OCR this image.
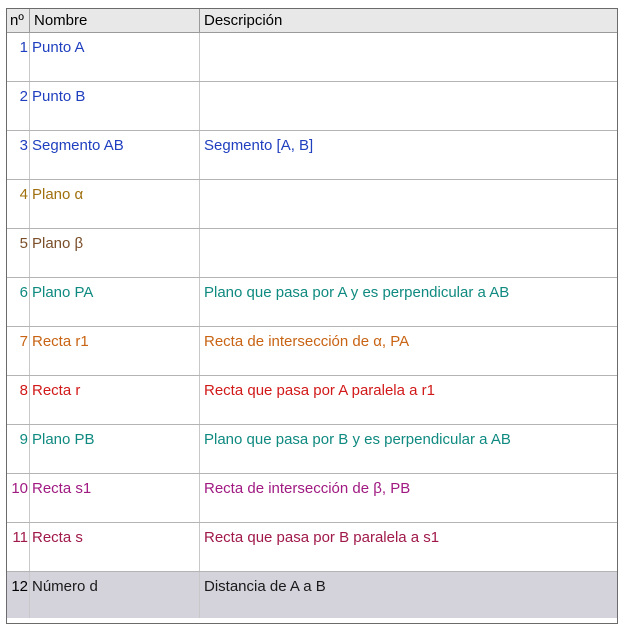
nº Nombre	Descripción
1 Punto A
2 Punto B
3 Segmento AB	Segmento [A, B]
4 Plano α
5 Plano β
6 Plano PA	Plano que pasa por A y es perpendicular a AB
7 Recta r1	Recta de intersección de α, PA
8 Recta r	Recta que pasa por A paralela a r1
9 Plano PB	Plano que pasa por B y es perpendicular a AB
10 Recta s1	Recta de intersección de β, PB
11 Recta s	Recta que pasa por B paralela a s1
12 Número d	Distancia de A a B
